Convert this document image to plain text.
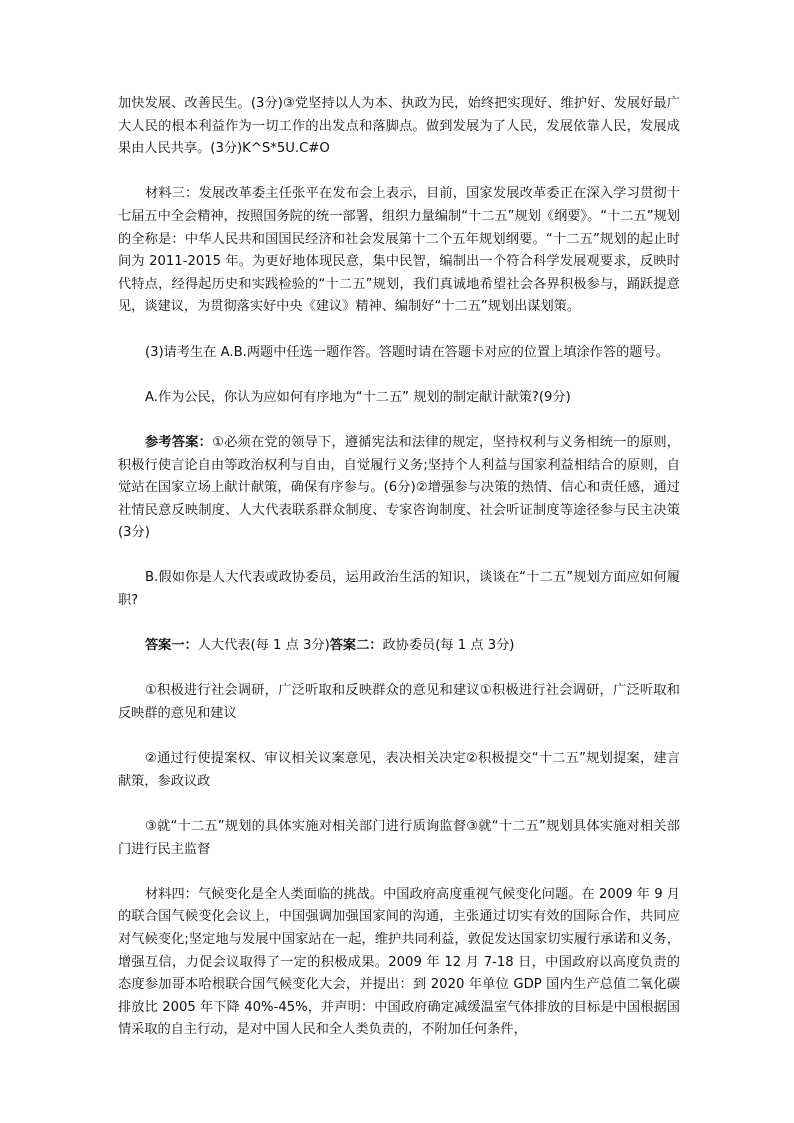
加快发展、改善民生。(3分)③党坚持以人为本、执政为民，始终把实现好、维护好、发展好最广大人民的根本利益作为一切工作的出发点和落脚点。做到发展为了人民，发展依靠人民，发展成果由人民共享。(3分)K^S*5U.C#O

材料三：发展改革委主任张平在发布会上表示，目前，国家发展改革委正在深入学习贯彻十七届五中全会精神，按照国务院的统一部署，组织力量编制“十二五”规划《纲要》。“十二五”规划的全称是：中华人民共和国国民经济和社会发展第十二个五年规划纲要。“十二五”规划的起止时间为 2011-2015 年。为更好地体现民意，集中民智，编制出一个符合科学发展观要求，反映时代特点，经得起历史和实践检验的“十二五”规划，我们真诚地希望社会各界积极参与，踊跃提意见，谈建议，为贯彻落实好中央《建议》精神、编制好“十二五”规划出谋划策。

(3)请考生在 A.B.两题中任选一题作答。答题时请在答题卡对应的位置上填涂作答的题号。

A.作为公民，你认为应如何有序地为“十二五” 规划的制定献计献策?(9分)

参考答案：①必须在党的领导下，遵循宪法和法律的规定，坚持权利与义务相统一的原则，积极行使言论自由等政治权利与自由，自觉履行义务;坚持个人利益与国家利益相结合的原则，自觉站在国家立场上献计献策，确保有序参与。(6分)②增强参与决策的热情、信心和责任感，通过社情民意反映制度、人大代表联系群众制度、专家咨询制度、社会听证制度等途径参与民主决策(3分)

B.假如你是人大代表或政协委员，运用政治生活的知识，谈谈在“十二五”规划方面应如何履职?

答案一：人大代表(每 1 点 3分)答案二：政协委员(每 1 点 3分)

①积极进行社会调研，广泛听取和反映群众的意见和建议①积极进行社会调研，广泛听取和反映群的意见和建议

②通过行使提案权、审议相关议案意见，表决相关决定②积极提交“十二五”规划提案，建言献策，参政议政

③就“十二五”规划的具体实施对相关部门进行质询监督③就“十二五”规划具体实施对相关部门进行民主监督

材料四：气候变化是全人类面临的挑战。中国政府高度重视气候变化问题。在 2009 年 9 月的联合国气候变化会议上，中国强调加强国家间的沟通，主张通过切实有效的国际合作，共同应对气候变化;坚定地与发展中国家站在一起，维护共同利益，敦促发达国家切实履行承诺和义务，增强互信，力促会议取得了一定的积极成果。2009 年 12 月 7-18 日，中国政府以高度负责的态度参加哥本哈根联合国气候变化大会，并提出：到 2020 年单位 GDP 国内生产总值二氧化碳排放比 2005 年下降 40%-45%，并声明：中国政府确定减缓温室气体排放的目标是中国根据国情采取的自主行动，是对中国人民和全人类负责的，不附加任何条件，
